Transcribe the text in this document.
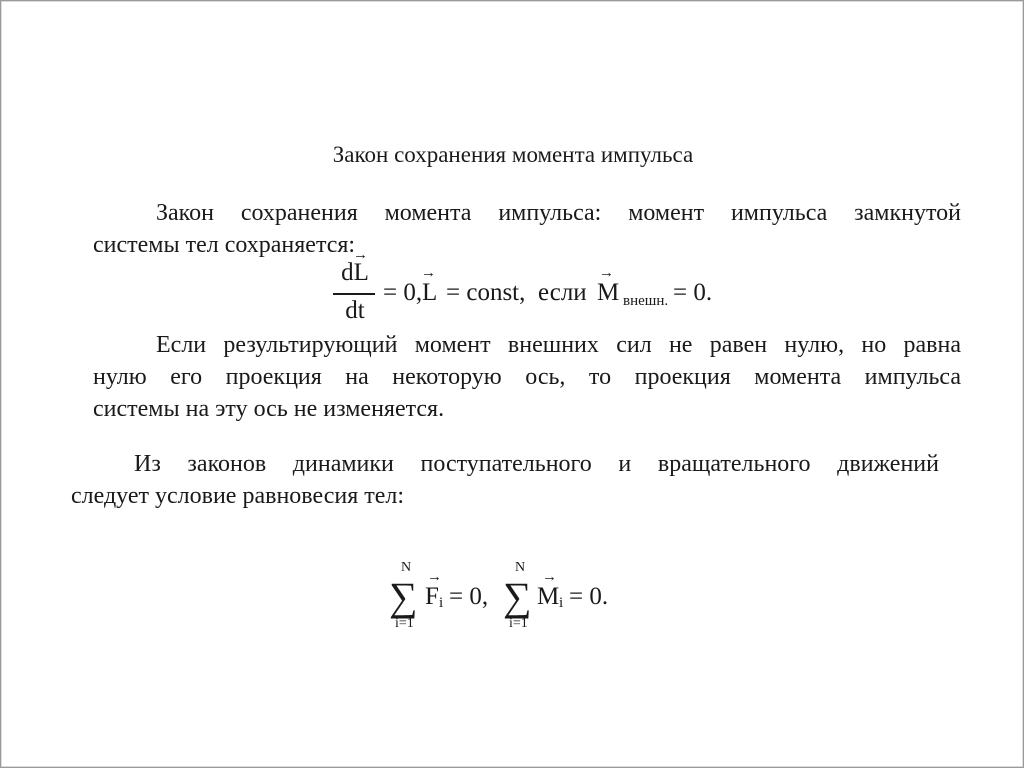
Закон сохранения момента импульса
Закон сохранения момента импульса: момент импульса замкнутой
системы тел сохраняется:
dL
→
dt
= 0,
→
L = const, если
→
M внешн. = 0.
Если результирующий момент внешних сил не равен нулю, но равна
нулю его проекция на некоторую ось, то проекция момента импульса
системы на эту ось не изменяется.
Из законов динамики поступательного и вращательного движений
следует условие равновесия тел:
N
∑
i=1
→
F i = 0,
N
∑
i=1
→
M i = 0.
